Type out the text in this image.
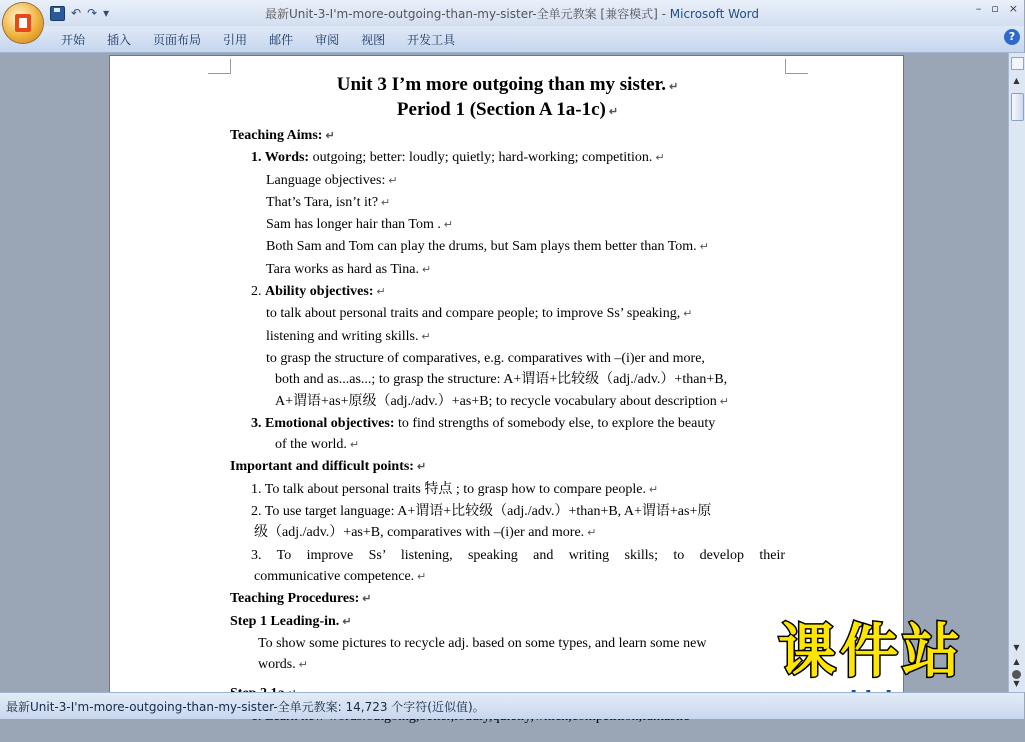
↶ ↷ ▾	最新Unit-3-I'm-more-outgoing-than-my-sister-全单元教案 [兼容模式] - Microsoft Word	– ▫ ×
开始	插入	页面布局	引用	邮件	审阅	视图	开发工具	?

Unit 3 I’m more outgoing than my sister. ↵

Period 1 (Section A 1a-1c) ↵

Teaching Aims: ↵

1. Words: outgoing; better: loudly; quietly; hard-working; competition. ↵

Language objectives: ↵

That’s Tara, isn’t it? ↵

Sam has longer hair than Tom . ↵

Both Sam and Tom can play the drums, but Sam plays them better than Tom. ↵

Tara works as hard as Tina. ↵

2. Ability objectives: ↵

to talk about personal traits and compare people; to improve Ss’ speaking, ↵

listening and writing skills. ↵

to grasp the structure of comparatives, e.g. comparatives with –(i)er and more,

both and as...as...; to grasp the structure: A+谓语+比较级（adj./adv.）+than+B,

A+谓语+as+原级（adj./adv.）+as+B; to recycle vocabulary about description ↵

3. Emotional objectives: to find strengths of somebody else, to explore the beauty

of the world. ↵

Important and difficult points: ↵

1. To talk about personal traits 特点 ; to grasp how to compare people. ↵

2. To use target language: A+谓语+比较级（adj./adv.）+than+B, A+谓语+as+原

级（adj./adv.）+as+B, comparatives with –(i)er and more. ↵

3. To improve Ss’ listening, speaking and writing skills; to develop their

communicative competence. ↵

Teaching Procedures: ↵

Step 1 Leading-in. ↵

To show some pictures to recycle adj. based on some types, and learn some new

words. ↵	课件站
▲
▼
▲
▼
最新Unit-3-I'm-more-outgoing-than-my-sister-全单元教案: 14,723 个字符(近似值)。
